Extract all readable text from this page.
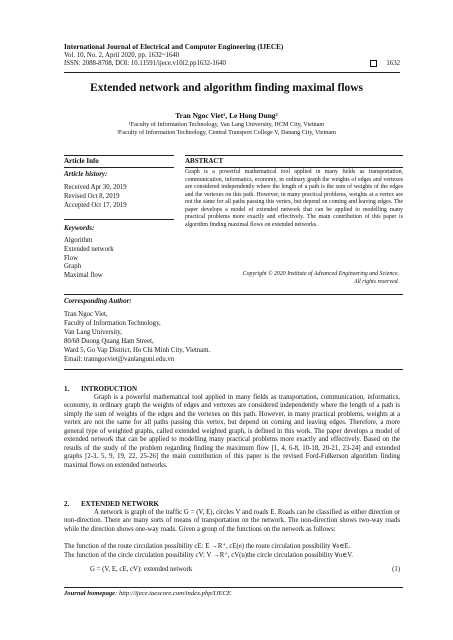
International Journal of Electrical and Computer Engineering (IJECE)
Vol. 10, No. 2, April 2020, pp. 1632~1640
ISSN: 2088-8708, DOI: 10.11591/ijece.v10i2.pp1632-1640	1632
Extended network and algorithm finding maximal flows
Tran Ngoc Viet¹, Le Hong Dung²
¹Faculty of Information Technology, Van Lang University, HCM City, Vietnam
²Faculty of Information Technology, Central Transport College V, Danang City, Vietnam
Article Info	ABSTRACT
Article history:
Received Apr 30, 2019
Revised Oct 8, 2019
Accepted Oct 17, 2019
Keywords:
Algorithm
Extended network
Flow
Graph
Maximal flow
Graph is a powerful mathematical tool applied in many fields as transportation, communication, informatics, economy, in ordinary graph the weights of edges and vertexes are considered independently where the length of a path is the sum of weights of the edges and the vertexes on this path. However, in many practical problems, weights at a vertex are not the same for all paths passing this vertex, but depend on coming and leaving edges. The paper develops a model of extended network that can be applied to modelling many practical problems more exactly and effectively. The main contribution of this paper is algorithm finding maximal flows on extended networks.
Copyright © 2020 Institute of Advanced Engineering and Science.
All rights reserved.
Corresponding Author:
Tran Ngoc Viet,
Faculty of Information Technology,
Van Lang University,
80/68 Duong Quang Ham Street,
Ward 5, Go Vap District, Ho Chi Minh City, Vietnam.
Email: tranngocviet@vanlanguni.edu.vn
1. INTRODUCTION
Graph is a powerful mathematical tool applied in many fields as transportation, communication, informatics, economy, in ordinary graph the weights of edges and vertexes are considered independently where the length of a path is simply the sum of weights of the edges and the vertexes on this path. However, in many practical problems, weights at a vertex are not the same for all paths passing this vertex, but depend on coming and leaving edges. Therefore, a more general type of weighted graphs, called extended weighted graph, is defined in this work. The paper develops a model of extended network that can be applied to modelling many practical problems more exactly and effectively. Based on the results of the study of the problem regarding finding the maximum flow [1, 4, 6-8, 10-18, 20-21, 23-24] and extended graphs [2-3, 5, 9, 19, 22, 25-26] the main contribution of this paper is the revised Ford-Fulkerson algorithm finding maximal flows on extended networks.
2. EXTENDED NETWORK
A network is graph of the traffic G = (V, E), circles V and roads E. Roads can be classified as either direction or non-direction. There are many sorts of means of transportation on the network. The non-direction shows two-way roads while the direction shows one-way roads. Given a group of the functions on the network as follows:
The function of the route circulation possibility cE: E →R⁺, cE(e) the route circulation possibility ∀e∈E.
The function of the circle circulation possibility cV: V →R⁺, cV(u)the circle circulation possibility ∀u∈V.
G = (V, E, cE, cV): extended network	(1)
Journal homepage: http://ijece.iaescore.com/index.php/IJECE
